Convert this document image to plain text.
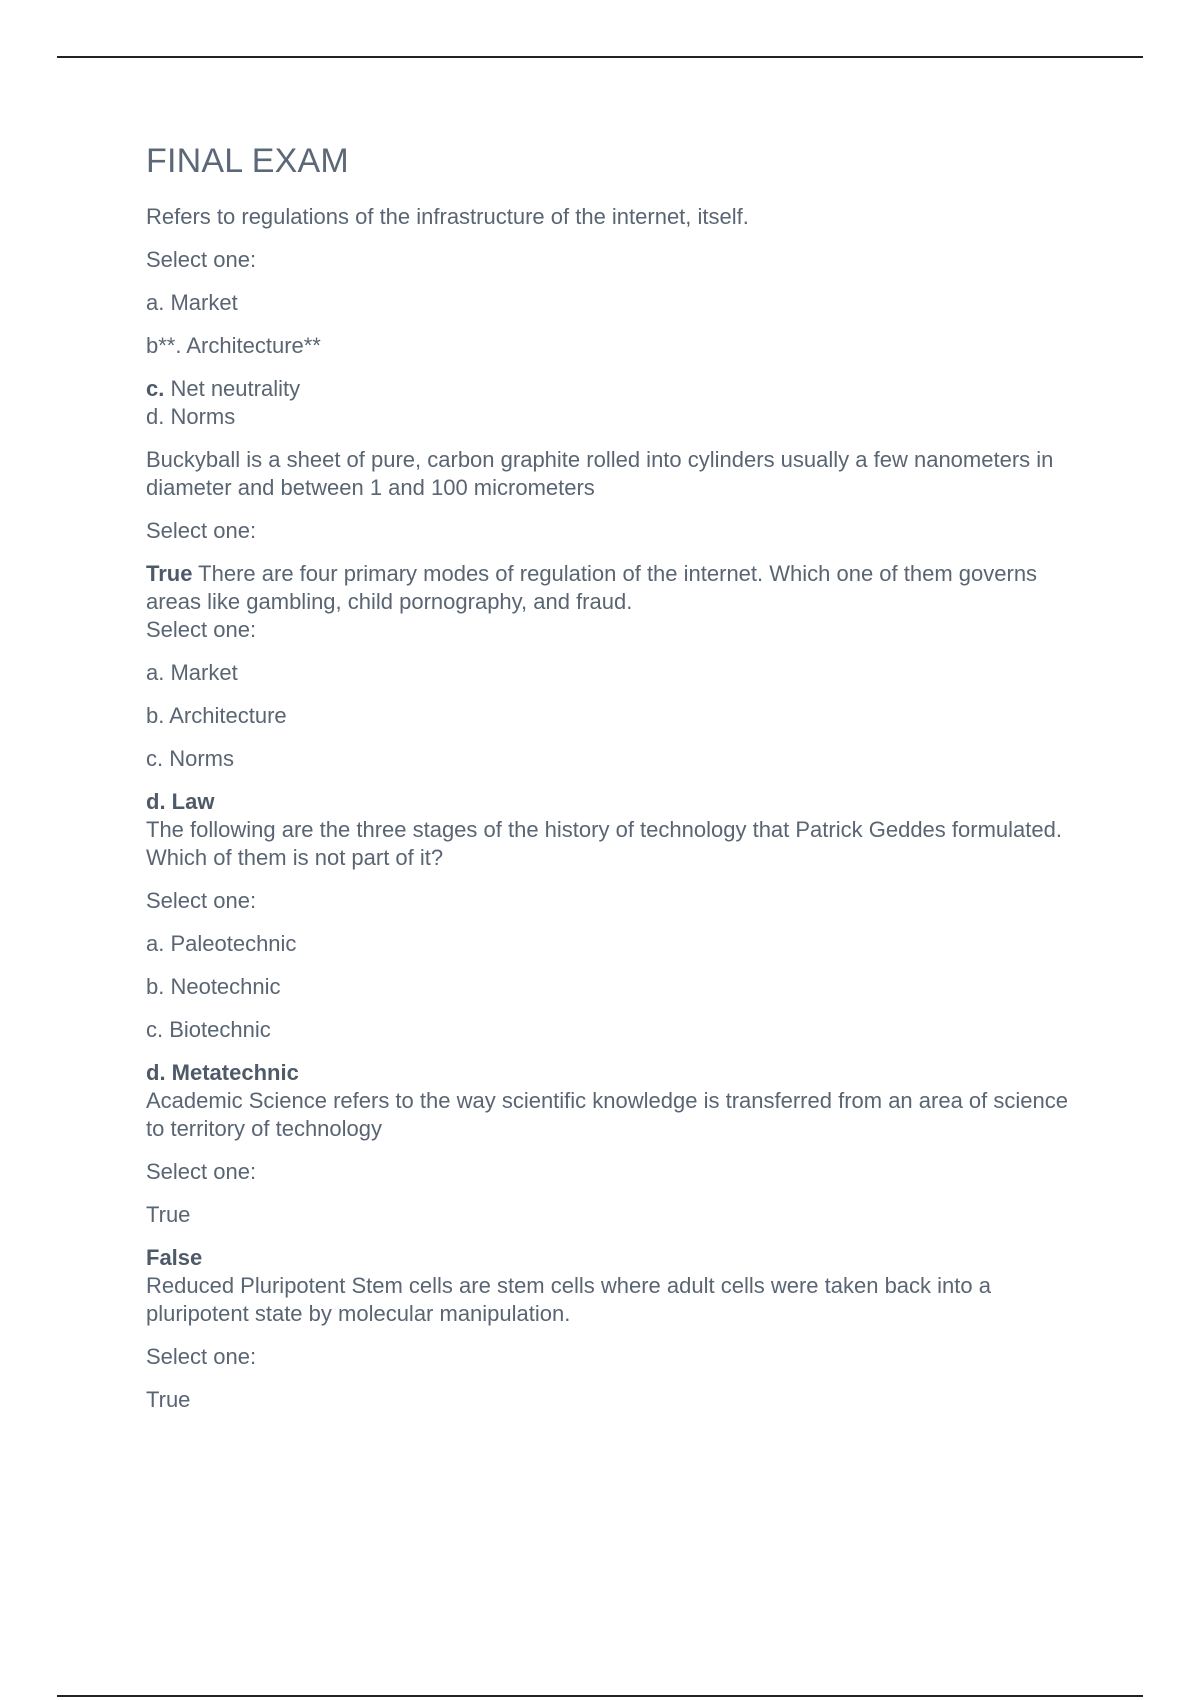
FINAL EXAM
Refers to regulations of the infrastructure of the internet, itself.
Select one:
a. Market
b**. Architecture**
c. Net neutrality
d. Norms
Buckyball is a sheet of pure, carbon graphite rolled into cylinders usually a few nanometers in diameter and between 1 and 100 micrometers
Select one:
True There are four primary modes of regulation of the internet. Which one of them governs areas like gambling, child pornography, and fraud.
Select one:
a. Market
b. Architecture
c. Norms
d. Law
The following are the three stages of the history of technology that Patrick Geddes formulated. Which of them is not part of it?
Select one:
a. Paleotechnic
b. Neotechnic
c. Biotechnic
d. Metatechnic
Academic Science refers to the way scientific knowledge is transferred from an area of science to territory of technology
Select one:
True
False
Reduced Pluripotent Stem cells are stem cells where adult cells were taken back into a pluripotent state by molecular manipulation.
Select one:
True
